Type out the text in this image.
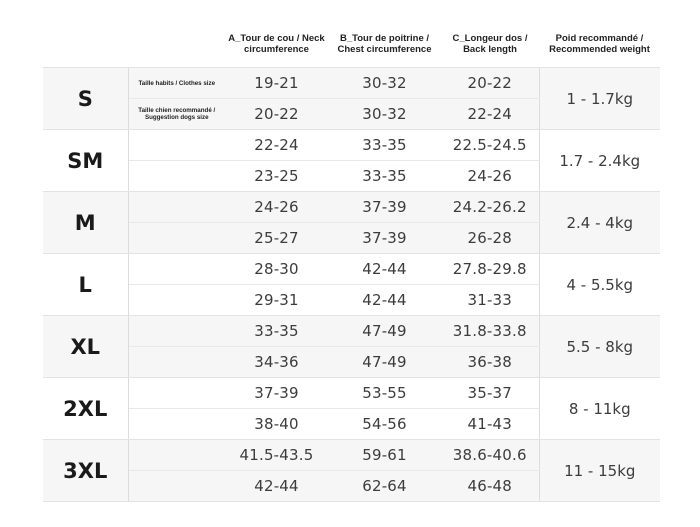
		A_Tour de cou / Neck circumference	B_Tour de poitrine / Chest circumference	C_Longeur dos / Back length	Poid recommandé / Recommended weight
S	Taille habits / Clothes size	19-21	30-32	20-22	1 - 1.7kg
	Taille chien recommandé / Suggestion dogs size	20-22	30-32	22-24	
SM		22-24	33-35	22.5-24.5	1.7 - 2.4kg
		23-25	33-35	24-26	
M		24-26	37-39	24.2-26.2	2.4 - 4kg
		25-27	37-39	26-28	
L		28-30	42-44	27.8-29.8	4 - 5.5kg
		29-31	42-44	31-33	
XL		33-35	47-49	31.8-33.8	5.5 - 8kg
		34-36	47-49	36-38	
2XL		37-39	53-55	35-37	8 - 11kg
		38-40	54-56	41-43	
3XL		41.5-43.5	59-61	38.6-40.6	11 - 15kg
		42-44	62-64	46-48	
